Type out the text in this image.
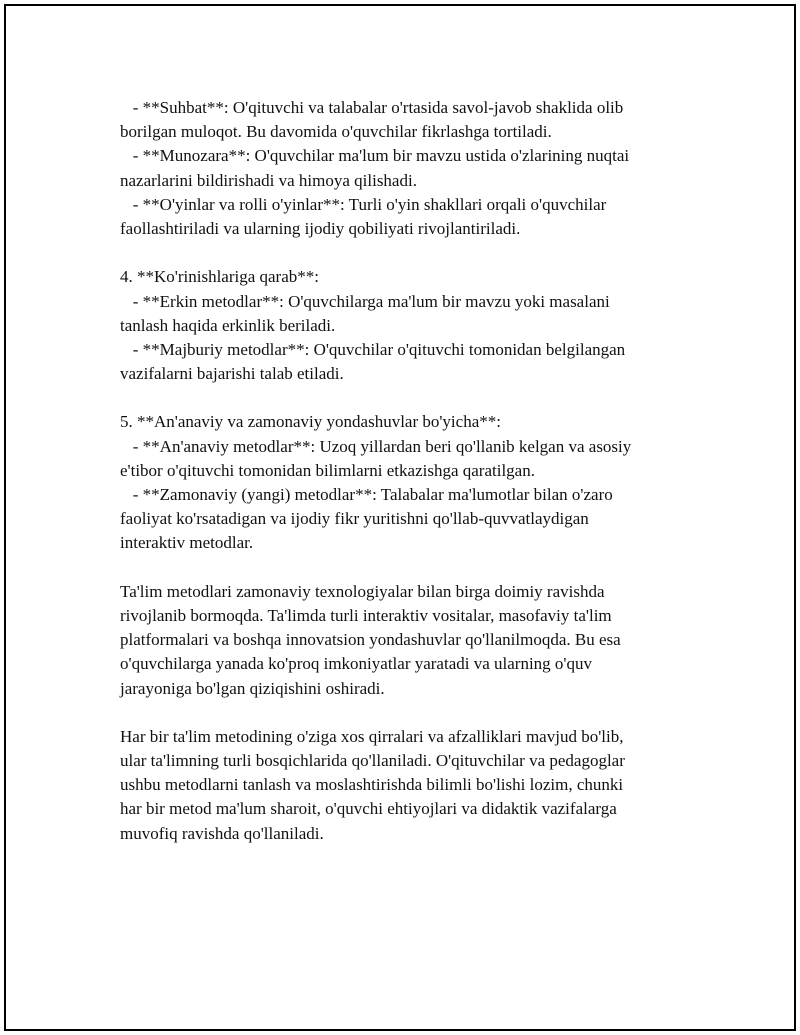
- **Suhbat**: O'qituvchi va talabalar o'rtasida savol-javob shaklida olib
borilgan muloqot. Bu davomida o'quvchilar fikrlashga tortiladi.
- **Munozara**: O'quvchilar ma'lum bir mavzu ustida o'zlarining nuqtai
nazarlarini bildirishadi va himoya qilishadi.
- **O'yinlar va rolli o'yinlar**: Turli o'yin shakllari orqali o'quvchilar
faollashtiriladi va ularning ijodiy qobiliyati rivojlantiriladi.
4. **Ko'rinishlariga qarab**:
- **Erkin metodlar**: O'quvchilarga ma'lum bir mavzu yoki masalani
tanlash haqida erkinlik beriladi.
- **Majburiy metodlar**: O'quvchilar o'qituvchi tomonidan belgilangan
vazifalarni bajarishi talab etiladi.
5. **An'anaviy va zamonaviy yondashuvlar bo'yicha**:
- **An'anaviy metodlar**: Uzoq yillardan beri qo'llanib kelgan va asosiy
e'tibor o'qituvchi tomonidan bilimlarni etkazishga qaratilgan.
- **Zamonaviy (yangi) metodlar**: Talabalar ma'lumotlar bilan o'zaro
faoliyat ko'rsatadigan va ijodiy fikr yuritishni qo'llab-quvvatlaydigan
interaktiv metodlar.
Ta'lim metodlari zamonaviy texnologiyalar bilan birga doimiy ravishda
rivojlanib bormoqda. Ta'limda turli interaktiv vositalar, masofaviy ta'lim
platformalari va boshqa innovatsion yondashuvlar qo'llanilmoqda. Bu esa
o'quvchilarga yanada ko'proq imkoniyatlar yaratadi va ularning o'quv
jarayoniga bo'lgan qiziqishini oshiradi.
Har bir ta'lim metodining o'ziga xos qirralari va afzalliklari mavjud bo'lib,
ular ta'limning turli bosqichlarida qo'llaniladi. O'qituvchilar va pedagoglar
ushbu metodlarni tanlash va moslashtirishda bilimli bo'lishi lozim, chunki
har bir metod ma'lum sharoit, o'quvchi ehtiyojlari va didaktik vazifalarga
muvofiq ravishda qo'llaniladi.
